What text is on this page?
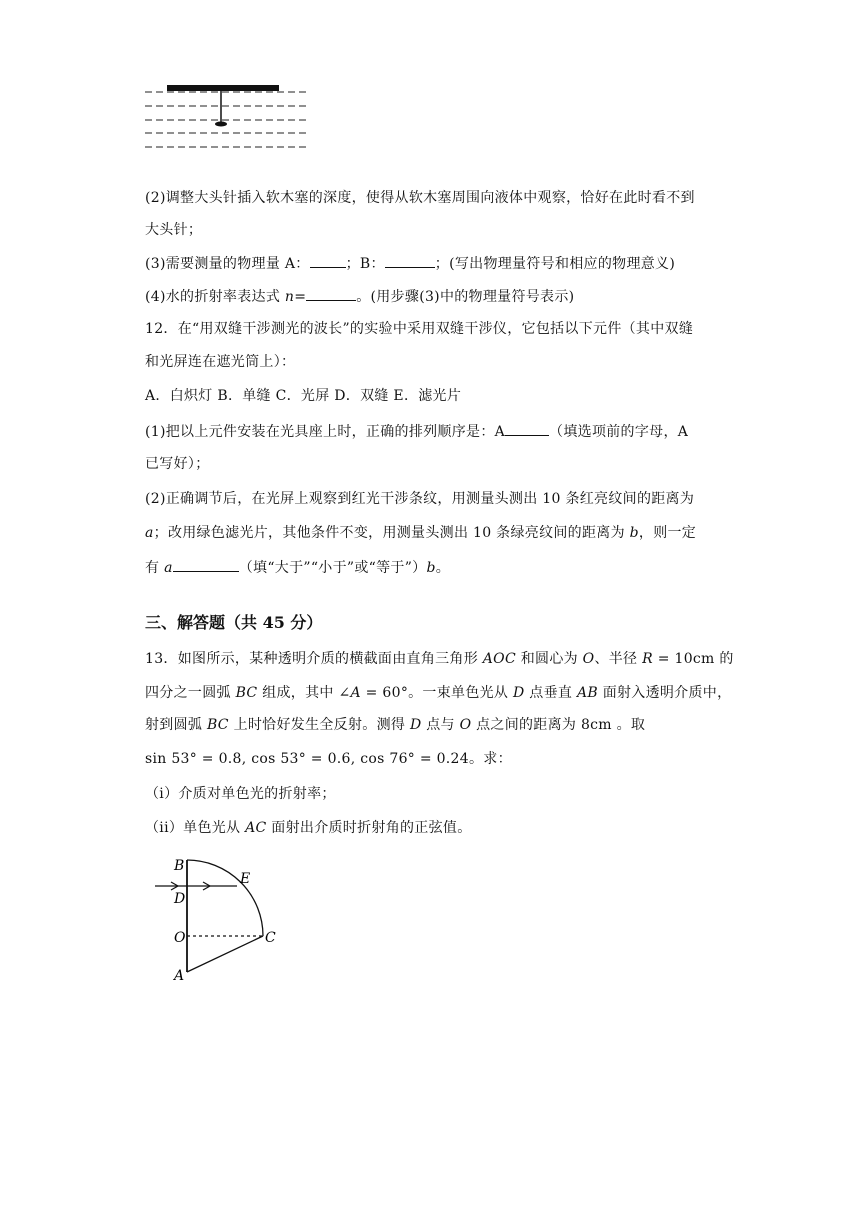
(2)调整大头针插入软木塞的深度，使得从软木塞周围向液体中观察，恰好在此时看不到
大头针；
(3)需要测量的物理量 A：	；B：	；(写出物理量符号和相应的物理意义)
(4)水的折射率表达式 n=	。(用步骤(3)中的物理量符号表示)
12．在“用双缝干涉测光的波长”的实验中采用双缝干涉仪，它包括以下元件（其中双缝
和光屏连在遮光筒上）：
A．白炽灯 B．单缝 C．光屏 D．双缝 E．滤光片
(1)把以上元件安装在光具座上时，正确的排列顺序是：A	（填选项前的字母，A
已写好）；
(2)正确调节后，在光屏上观察到红光干涉条纹，用测量头测出 10 条红亮纹间的距离为
a；改用绿色滤光片，其他条件不变，用测量头测出 10 条绿亮纹间的距离为 b，则一定
有 a	（填“大于”“小于”或“等于”）b。
三、解答题（共 45 分）
13．如图所示，某种透明介质的横截面由直角三角形 AOC 和圆心为 O、半径 R = 10cm 的
四分之一圆弧 BC 组成，其中 ∠A = 60°。一束单色光从 D 点垂直 AB 面射入透明介质中，
射到圆弧 BC 上时恰好发生全反射。测得 D 点与 O 点之间的距离为 8cm 。取
sin 53° = 0.8, cos 53° = 0.6, cos 76° = 0.24。求：
（i）介质对单色光的折射率；
（ii）单色光从 AC 面射出介质时折射角的正弦值。
B
D
O
A
E
C
